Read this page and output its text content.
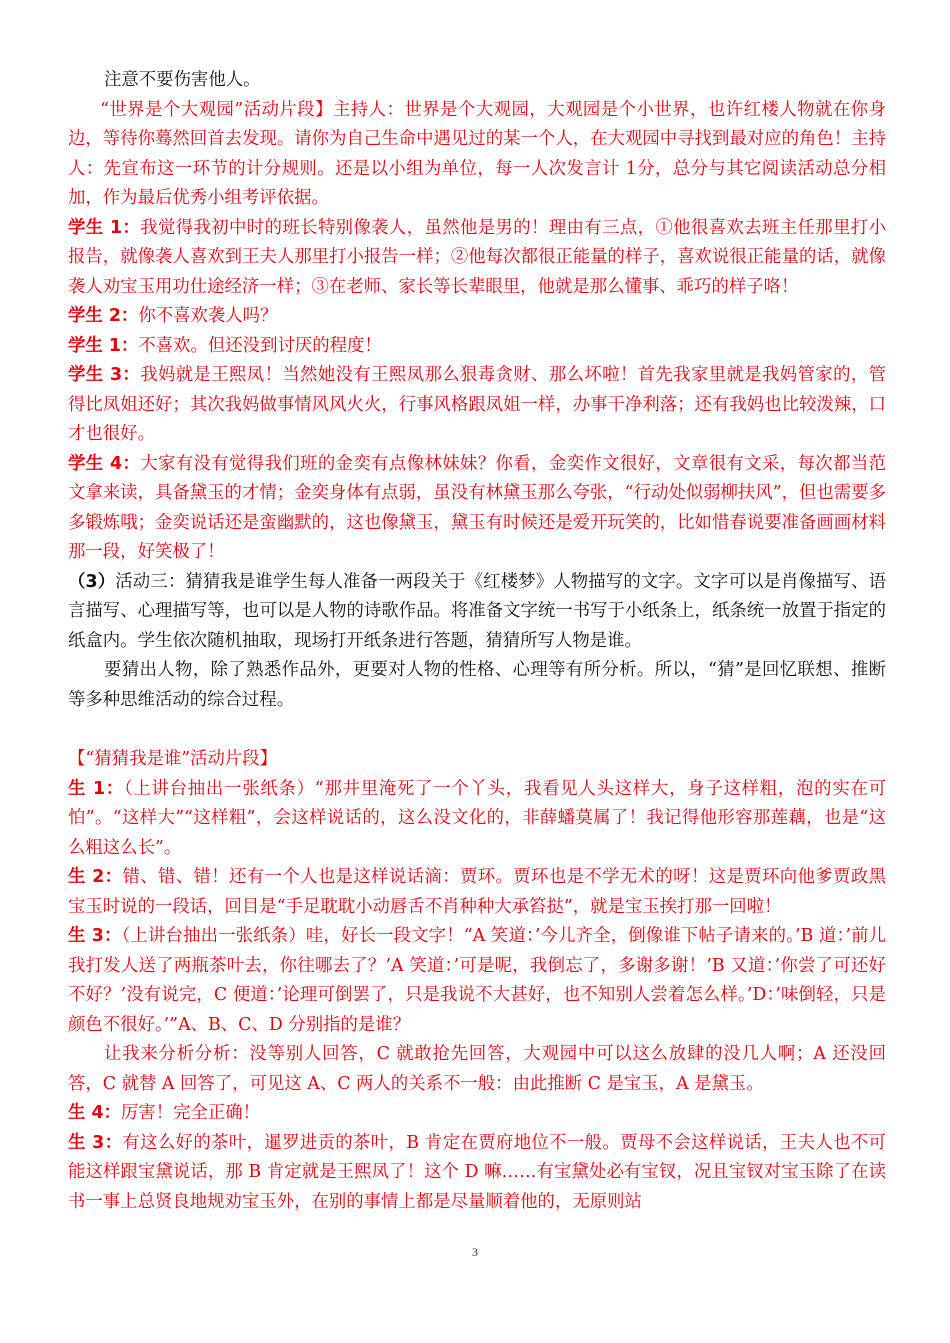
注意不要伤害他人。

“世界是个大观园”活动片段】主持人：世界是个大观园，大观园是个小世界，也许红楼人物就在你身边，等待你蓦然回首去发现。请你为自己生命中遇见过的某一个人，在大观园中寻找到最对应的角色！主持人：先宣布这一环节的计分规则。还是以小组为单位，每一人次发言计 1分，总分与其它阅读活动总分相加，作为最后优秀小组考评依据。

学生 1：我觉得我初中时的班长特别像袭人，虽然他是男的！理由有三点，①他很喜欢去班主任那里打小报告，就像袭人喜欢到王夫人那里打小报告一样；②他每次都很正能量的样子，喜欢说很正能量的话，就像袭人劝宝玉用功仕途经济一样；③在老师、家长等长辈眼里，他就是那么懂事、乖巧的样子咯！

学生 2：你不喜欢袭人吗？

学生 1：不喜欢。但还没到讨厌的程度！

学生 3：我妈就是王熙凤！当然她没有王熙凤那么狠毒贪财、那么坏啦！首先我家里就是我妈管家的，管得比凤姐还好；其次我妈做事情风风火火，行事风格跟凤姐一样，办事干净利落；还有我妈也比较泼辣，口才也很好。

学生 4：大家有没有觉得我们班的金奕有点像林妹妹？你看，金奕作文很好，文章很有文采，每次都当范文拿来读，具备黛玉的才情；金奕身体有点弱，虽没有林黛玉那么夸张，“行动处似弱柳扶风”，但也需要多多锻炼哦；金奕说话还是蛮幽默的，这也像黛玉，黛玉有时候还是爱开玩笑的，比如惜春说要准备画画材料那一段，好笑极了！

（3）活动三：猜猜我是谁学生每人准备一两段关于《红楼梦》人物描写的文字。文字可以是肖像描写、语言描写、心理描写等，也可以是人物的诗歌作品。将准备文字统一书写于小纸条上，纸条统一放置于指定的纸盒内。学生依次随机抽取，现场打开纸条进行答题，猜猜所写人物是谁。

要猜出人物，除了熟悉作品外，更要对人物的性格、心理等有所分析。所以，“猜”是回忆联想、推断等多种思维活动的综合过程。

【“猜猜我是谁”活动片段】

生 1：（上讲台抽出一张纸条）“那井里淹死了一个丫头，我看见人头这样大，身子这样粗，泡的实在可怕”。“这样大”“这样粗”，会这样说话的，这么没文化的，非薛蟠莫属了！我记得他形容那莲藕，也是“这么粗这么长”。

生 2：错、错、错！还有一个人也是这样说话滴：贾环。贾环也是不学无术的呀！这是贾环向他爹贾政黑宝玉时说的一段话，回目是“手足耽耽小动唇舌不肖种种大承笞挞”，就是宝玉挨打那一回啦！

生 3：（上讲台抽出一张纸条）哇，好长一段文字！“A 笑道：’今儿齐全，倒像谁下帖子请来的。’B 道：’前儿我打发人送了两瓶茶叶去，你往哪去了？’A 笑道：’可是呢，我倒忘了，多谢多谢！’B 又道：’你尝了可还好不好？’没有说完，C 便道：’论理可倒罢了，只是我说不大甚好，也不知别人尝着怎么样。’D：’味倒轻，只是颜色不很好。’”A、B、C、D 分别指的是谁？

让我来分析分析：没等别人回答，C 就敢抢先回答，大观园中可以这么放肆的没几人啊；A 还没回答，C 就替 A 回答了，可见这 A、C 两人的关系不一般：由此推断 C 是宝玉，A 是黛玉。

生 4：厉害！完全正确！

生 3：有这么好的茶叶，暹罗进贡的茶叶，B 肯定在贾府地位不一般。贾母不会这样说话，王夫人也不可能这样跟宝黛说话，那 B 肯定就是王熙凤了！这个 D 嘛……有宝黛处必有宝钗，况且宝钗对宝玉除了在读书一事上总贤良地规劝宝玉外，在别的事情上都是尽量顺着他的，无原则站

3
